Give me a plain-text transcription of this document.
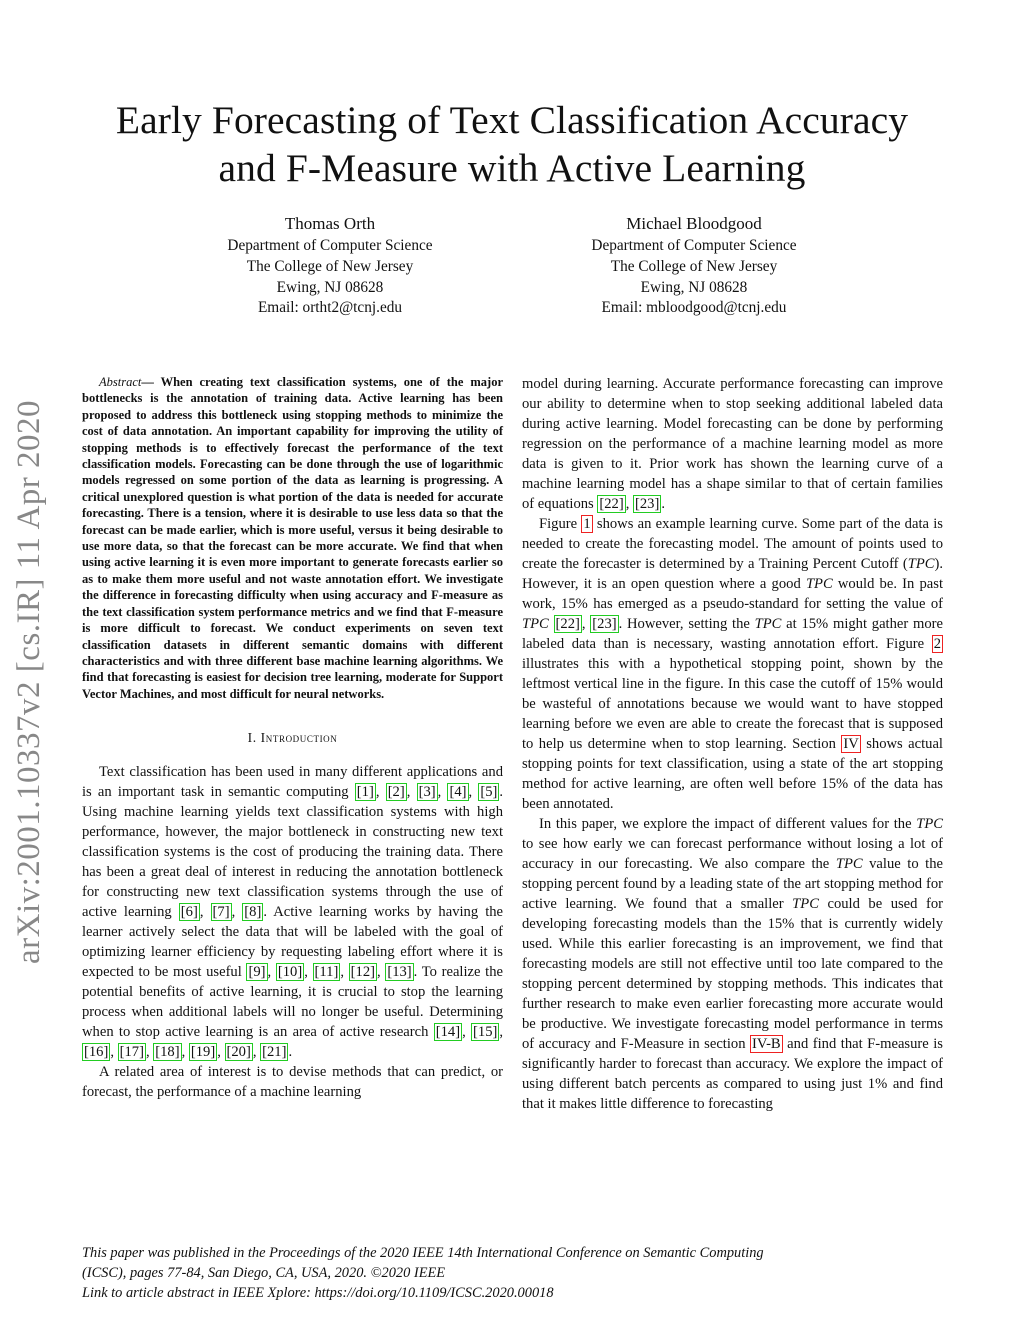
Early Forecasting of Text Classification Accuracy
and F-Measure with Active Learning
Thomas Orth
Department of Computer Science
The College of New Jersey
Ewing, NJ 08628
Email: ortht2@tcnj.edu
Michael Bloodgood
Department of Computer Science
The College of New Jersey
Ewing, NJ 08628
Email: mbloodgood@tcnj.edu
arXiv:2001.10337v2 [cs.IR] 11 Apr 2020

Abstract— When creating text classification systems, one of the major bottlenecks is the annotation of training data. Active learning has been proposed to address this bottleneck using stopping methods to minimize the cost of data annotation. An important capability for improving the utility of stopping methods is to effectively forecast the performance of the text classification models. Forecasting can be done through the use of logarithmic models regressed on some portion of the data as learning is progressing. A critical unexplored question is what portion of the data is needed for accurate forecasting. There is a tension, where it is desirable to use less data so that the forecast can be made earlier, which is more useful, versus it being desirable to use more data, so that the forecast can be more accurate. We find that when using active learning it is even more important to generate forecasts earlier so as to make them more useful and not waste annotation effort. We investigate the difference in forecasting difficulty when using accuracy and F-measure as the text classification system performance metrics and we find that F-measure is more difficult to forecast. We conduct experiments on seven text classification datasets in different semantic domains with different characteristics and with three different base machine learning algorithms. We find that forecasting is easiest for decision tree learning, moderate for Support Vector Machines, and most difficult for neural networks.

I. Introduction

Text classification has been used in many different applications and is an important task in semantic computing [1] , [2] , [3] , [4] , [5] . Using machine learning yields text classification systems with high performance, however, the major bottleneck in constructing new text classification systems is the cost of producing the training data. There has been a great deal of interest in reducing the annotation bottleneck for constructing new text classification systems through the use of active learning [6] , [7] , [8] . Active learning works by having the learner actively select the data that will be labeled with the goal of optimizing learner efficiency by requesting labeling effort where it is expected to be most useful [9] , [10] , [11] , [12] , [13] . To realize the potential benefits of active learning, it is crucial to stop the learning process when additional labels will no longer be useful. Determining when to stop active learning is an area of active research [14] , [15] , [16] , [17] , [18] , [19] , [20] , [21] .

A related area of interest is to devise methods that can predict, or forecast, the performance of a machine learning

model during learning. Accurate performance forecasting can improve our ability to determine when to stop seeking additional labeled data during active learning. Model forecasting can be done by performing regression on the performance of a machine learning model as more data is given to it. Prior work has shown the learning curve of a machine learning model has a shape similar to that of certain families of equations [22] , [23] .

Figure 1 shows an example learning curve. Some part of the data is needed to create the forecasting model. The amount of points used to create the forecaster is determined by a Training Percent Cutoff (TPC). However, it is an open question where a good TPC would be. In past work, 15% has emerged as a pseudo-standard for setting the value of TPC [22] , [23] . However, setting the TPC at 15% might gather more labeled data than is necessary, wasting annotation effort. Figure 2 illustrates this with a hypothetical stopping point, shown by the leftmost vertical line in the figure. In this case the cutoff of 15% would be wasteful of annotations because we would want to have stopped learning before we even are able to create the forecast that is supposed to help us determine when to stop learning. Section IV shows actual stopping points for text classification, using a state of the art stopping method for active learning, are often well before 15% of the data has been annotated.

In this paper, we explore the impact of different values for the TPC to see how early we can forecast performance without losing a lot of accuracy in our forecasting. We also compare the TPC value to the stopping percent found by a leading state of the art stopping method for active learning. We found that a smaller TPC could be used for developing forecasting models than the 15% that is currently widely used. While this earlier forecasting is an improvement, we find that forecasting models are still not effective until too late compared to the stopping percent determined by stopping methods. This indicates that further research to make even earlier forecasting more accurate would be productive. We investigate forecasting model performance in terms of accuracy and F-Measure in section IV-B and find that F-measure is significantly harder to forecast than accuracy. We explore the impact of using different batch percents as compared to using just 1% and find that it makes little difference to forecasting

This paper was published in the Proceedings of the 2020 IEEE 14th International Conference on Semantic Computing
(ICSC), pages 77-84, San Diego, CA, USA, 2020. ©2020 IEEE
Link to article abstract in IEEE Xplore: https://doi.org/10.1109/ICSC.2020.00018
